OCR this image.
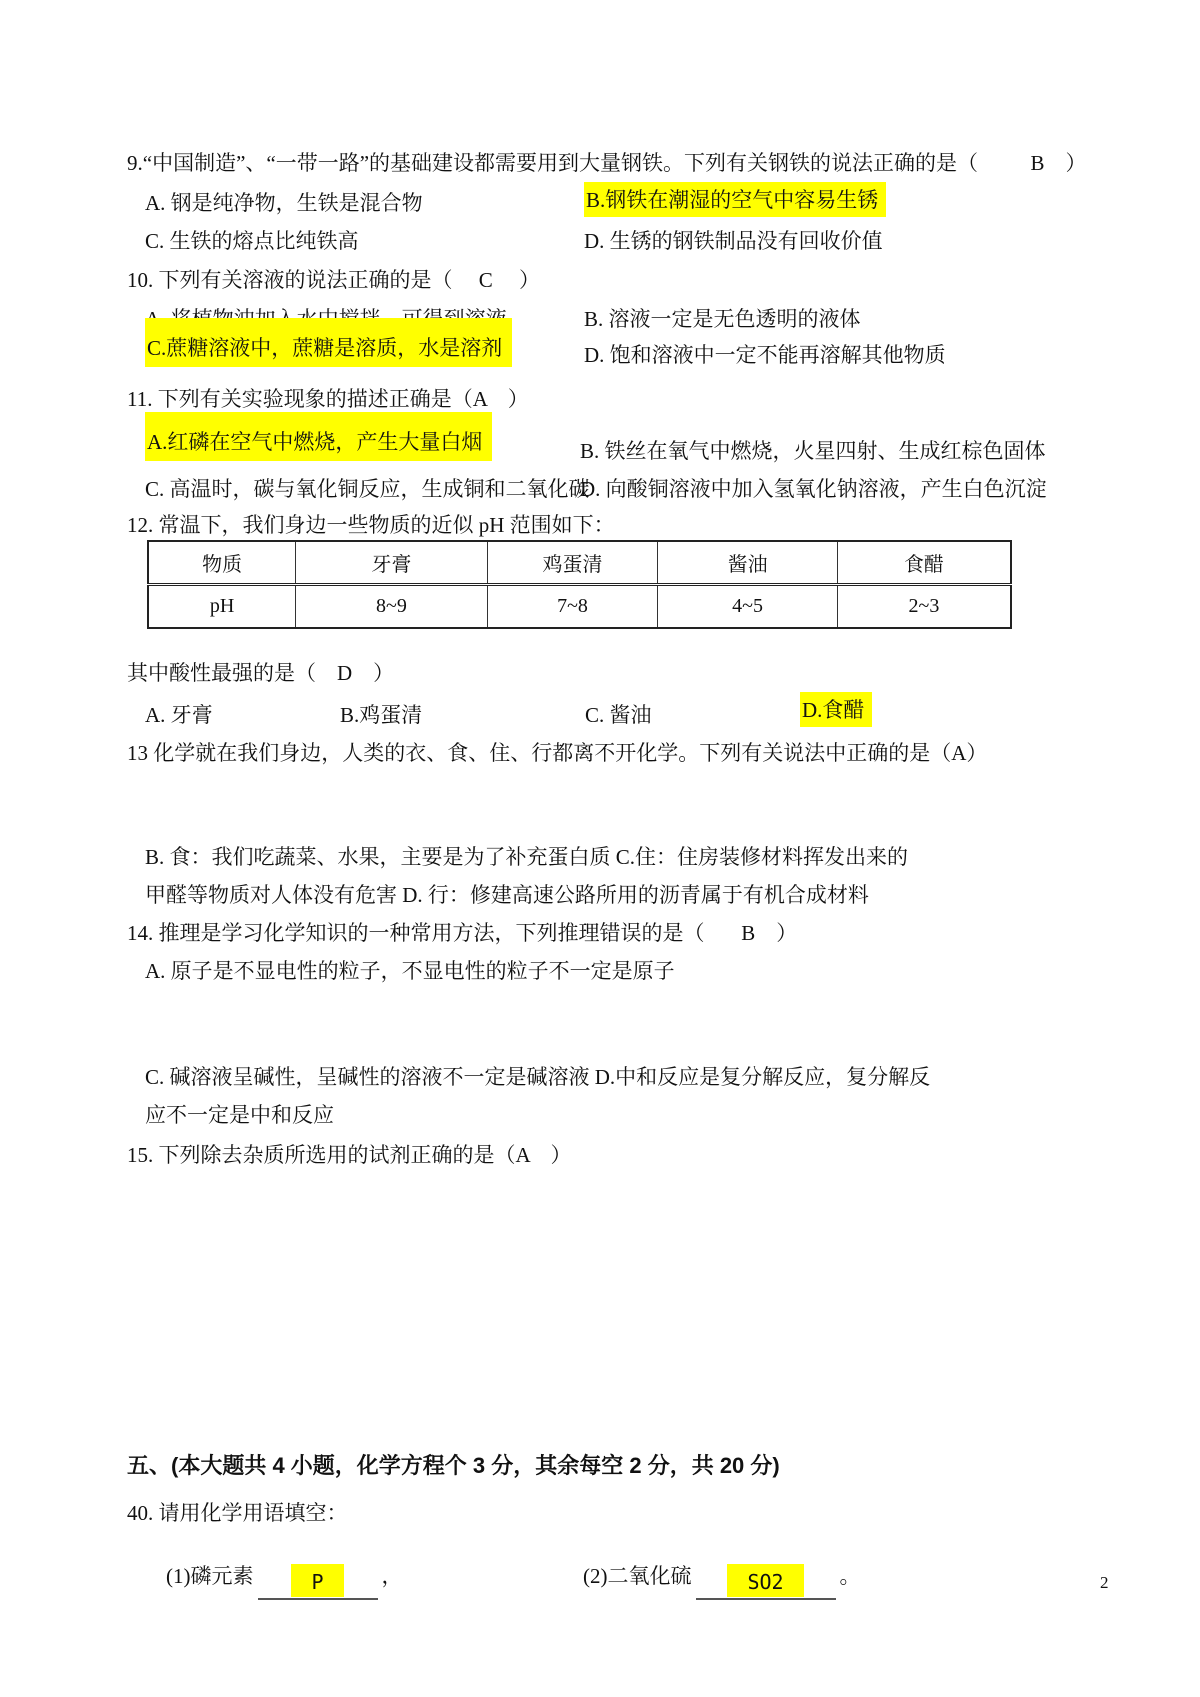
9.“中国制造”、“一带一路”的基础建设都需要用到大量钢铁。下列有关钢铁的说法正确的是（          B    ）
A. 钢是纯净物，生铁是混合物	B.钢铁在潮湿的空气中容易生锈
C. 生铁的熔点比纯铁高	D. 生锈的钢铁制品没有回收价值
10. 下列有关溶液的说法正确的是（     C     ）
B. 溶液一定是无色透明的液体
C.蔗糖溶液中，蔗糖是溶质，水是溶剂	D. 饱和溶液中一定不能再溶解其他物质
11. 下列有关实验现象的描述正确是（A    ）
A.红磷在空气中燃烧，产生大量白烟	B. 铁丝在氧气中燃烧，火星四射、生成红棕色固体
C. 高温时，碳与氧化铜反应，生成铜和二氧化碳
D. 向酸铜溶液中加入氢氧化钠溶液，产生白色沉淀
12. 常温下，我们身边一些物质的近似 pH 范围如下：
物质	牙膏	鸡蛋清	酱油	食醋
pH	8~9	7~8	4~5	2~3
其中酸性最强的是（    D    ）
A. 牙膏	B.鸡蛋清	C. 酱油	D.食醋
13 化学就在我们身边，人类的衣、食、住、行都离不开化学。下列有关说法中正确的是（A）
B. 食：我们吃蔬菜、水果，主要是为了补充蛋白质 C.住：住房装修材料挥发出来的
甲醛等物质对人体没有危害 D. 行：修建高速公路所用的沥青属于有机合成材料
14. 推理是学习化学知识的一种常用方法，下列推理错误的是（       B    ）
A. 原子是不显电性的粒子，不显电性的粒子不一定是原子
C. 碱溶液呈碱性，呈碱性的溶液不一定是碱溶液 D.中和反应是复分解反应，复分解反
应不一定是中和反应
15. 下列除去杂质所选用的试剂正确的是（A    ）
五、(本大题共 4 小题，化学方程个 3 分，其余每空 2 分，共 20 分)
40. 请用化学用语填空：

(1)磷元素	P	，
	(2)二氧化硫	SO2	。
	2
